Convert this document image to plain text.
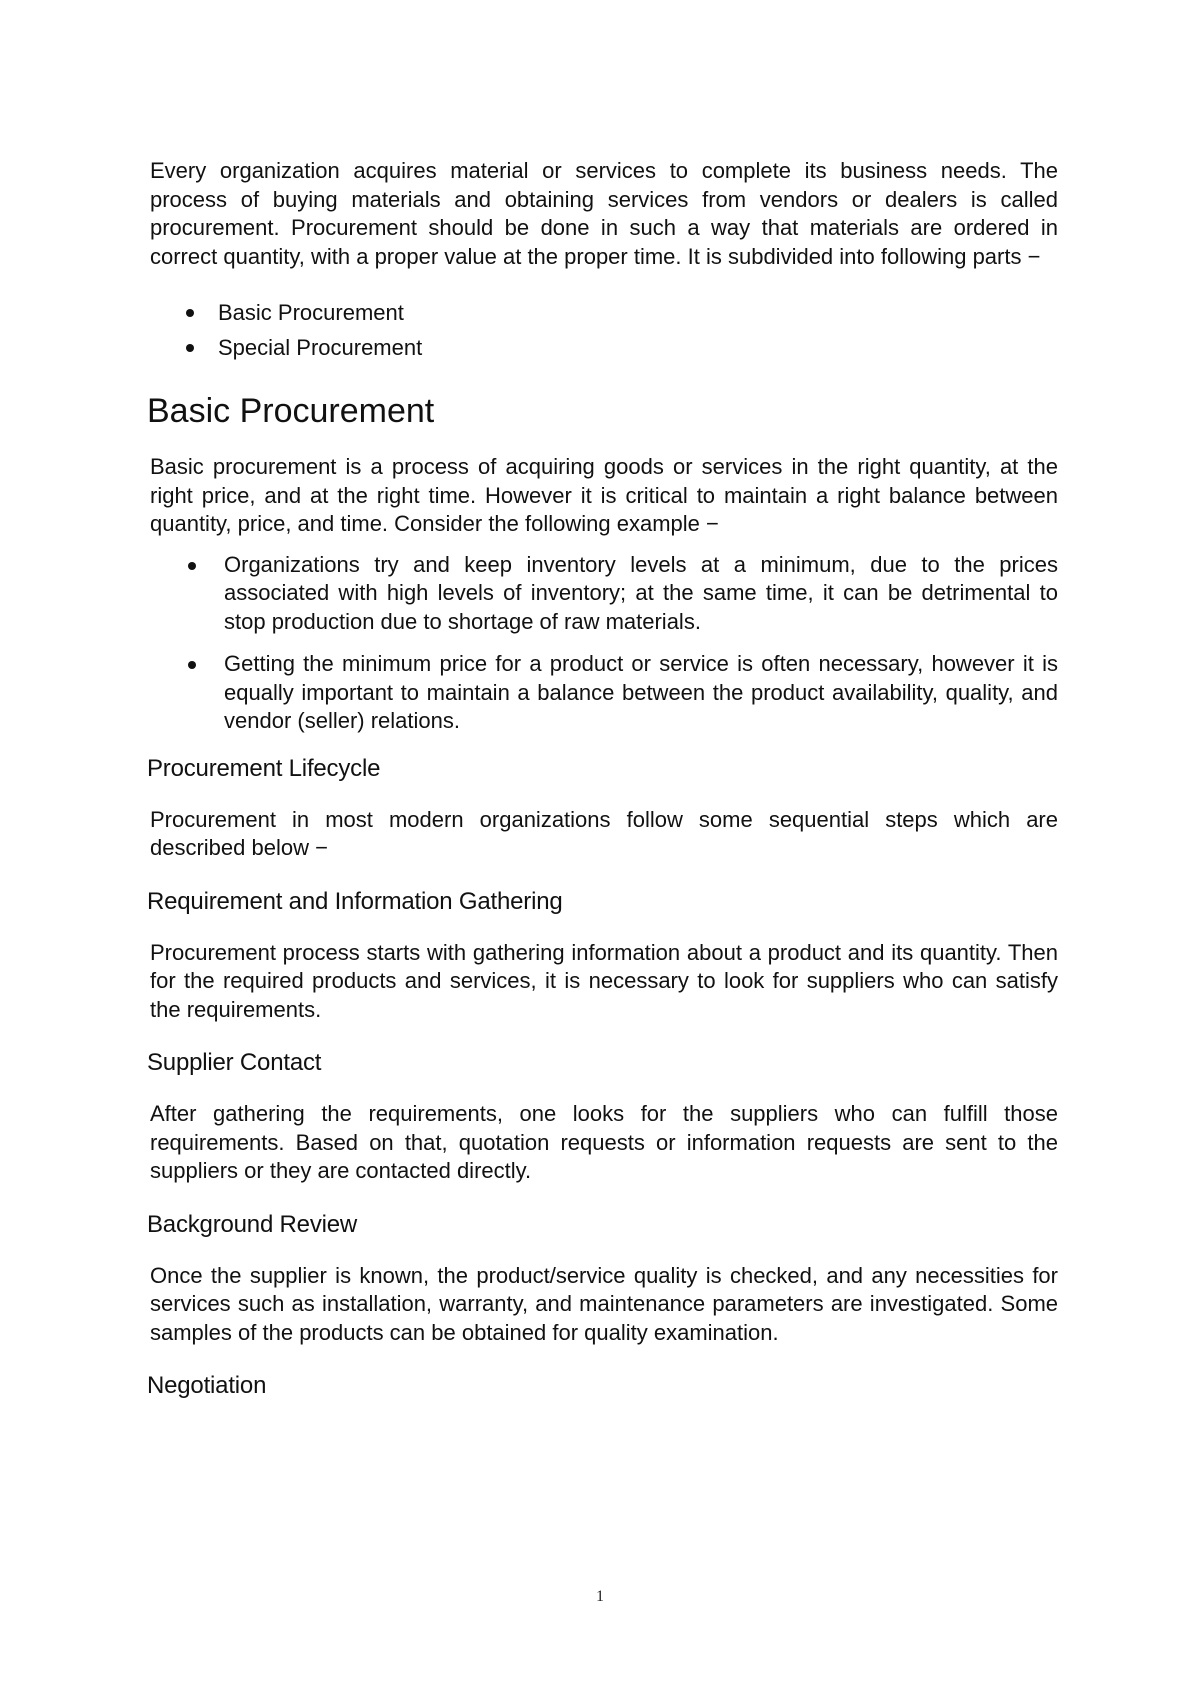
Every organization acquires material or services to complete its business needs. The process of buying materials and obtaining services from vendors or dealers is called procurement. Procurement should be done in such a way that materials are ordered in correct quantity, with a proper value at the proper time. It is subdivided into following parts −

Basic Procurement
Special Procurement
Basic Procurement

Basic procurement is a process of acquiring goods or services in the right quantity, at the right price, and at the right time. However it is critical to maintain a right balance between quantity, price, and time. Consider the following example −

Organizations try and keep inventory levels at a minimum, due to the prices associated with high levels of inventory; at the same time, it can be detrimental to stop production due to shortage of raw materials.
Getting the minimum price for a product or service is often necessary, however it is equally important to maintain a balance between the product availability, quality, and vendor (seller) relations.
Procurement Lifecycle

Procurement in most modern organizations follow some sequential steps which are described below −

Requirement and Information Gathering

Procurement process starts with gathering information about a product and its quantity. Then for the required products and services, it is necessary to look for suppliers who can satisfy the requirements.

Supplier Contact

After gathering the requirements, one looks for the suppliers who can fulfill those requirements. Based on that, quotation requests or information requests are sent to the suppliers or they are contacted directly.

Background Review

Once the supplier is known, the product/service quality is checked, and any necessities for services such as installation, warranty, and maintenance parameters are investigated. Some samples of the products can be obtained for quality examination.

Negotiation
1
